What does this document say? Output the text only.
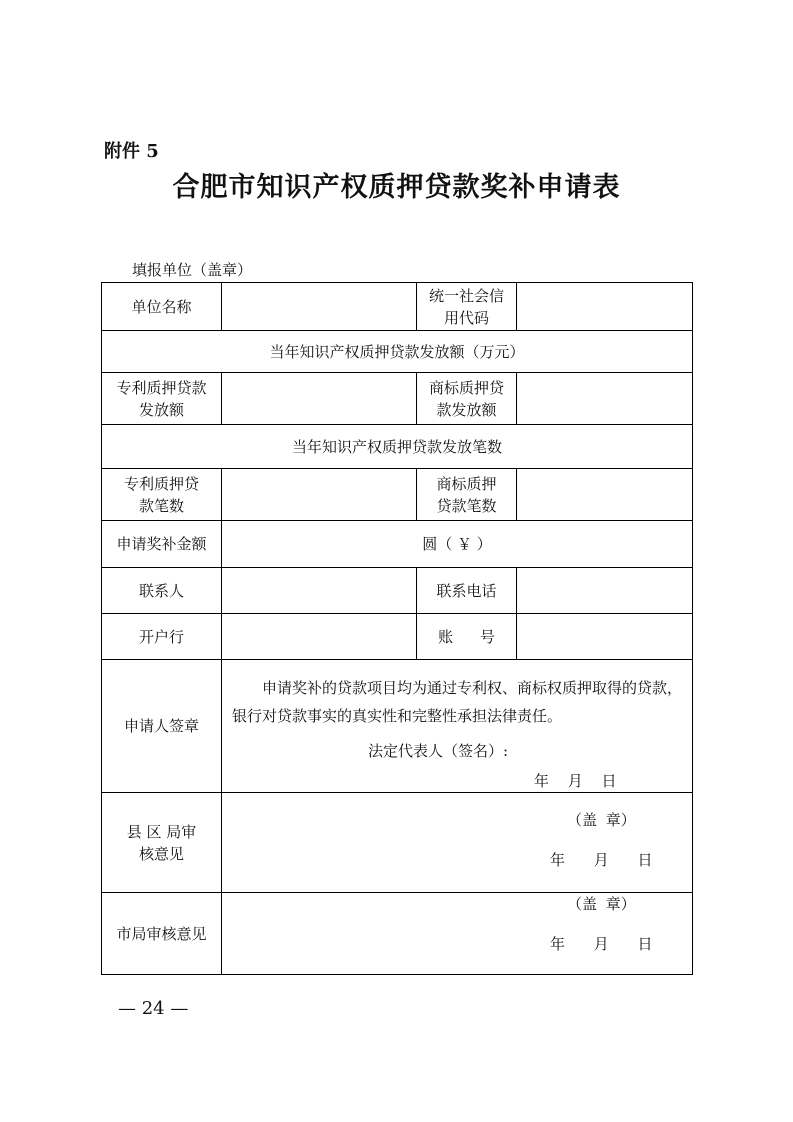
附件 5
合肥市知识产权质押贷款奖补申请表
填报单位（盖章）
单位名称		统一社会信用代码	
当年知识产权质押贷款发放额（万元）			
专利质押贷款发放额		商标质押贷款发放额	
当年知识产权质押贷款发放笔数			
专利质押贷款笔数		商标质押贷款笔数	
申请奖补金额	圆（ ￥ ）		
联系人		联系电话	
开户行		账 号	
申请人签章	申请奖补的贷款项目均为通过专利权、商标权质押取得的贷款，银行对贷款事实的真实性和完整性承担法律责任。
法定代表人（签名）:
年 月 日		

县 区 局审核意见	（盖 章）
年 月 日		

市局审核意见	（盖 章）
年 月 日		
— 24 —
